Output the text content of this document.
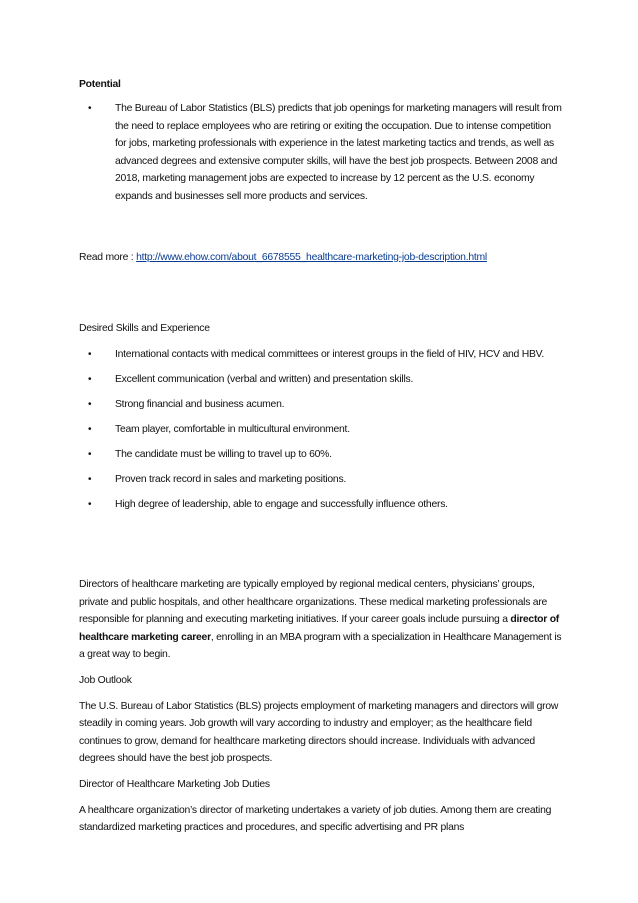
Potential
• The Bureau of Labor Statistics (BLS) predicts that job openings for marketing managers will result from the need to replace employees who are retiring or exiting the occupation. Due to intense competition for jobs, marketing professionals with experience in the latest marketing tactics and trends, as well as advanced degrees and extensive computer skills, will have the best job prospects. Between 2008 and 2018, marketing management jobs are expected to increase by 12 percent as the U.S. economy expands and businesses sell more products and services.
Read more : http://www.ehow.com/about_6678555_healthcare-marketing-job-description.html
Desired Skills and Experience
• International contacts with medical committees or interest groups in the field of HIV, HCV and HBV.
• Excellent communication (verbal and written) and presentation skills.
• Strong financial and business acumen.
• Team player, comfortable in multicultural environment.
• The candidate must be willing to travel up to 60%.
• Proven track record in sales and marketing positions.
• High degree of leadership, able to engage and successfully influence others.

Directors of healthcare marketing are typically employed by regional medical centers, physicians’ groups, private and public hospitals, and other healthcare organizations. These medical marketing professionals are responsible for planning and executing marketing initiatives. If your career goals include pursuing a director of healthcare marketing career, enrolling in an MBA program with a specialization in Healthcare Management is a great way to begin.

Job Outlook

The U.S. Bureau of Labor Statistics (BLS) projects employment of marketing managers and directors will grow steadily in coming years. Job growth will vary according to industry and employer; as the healthcare field continues to grow, demand for healthcare marketing directors should increase. Individuals with advanced degrees should have the best job prospects.

Director of Healthcare Marketing Job Duties

A healthcare organization’s director of marketing undertakes a variety of job duties. Among them are creating standardized marketing practices and procedures, and specific advertising and PR plans
